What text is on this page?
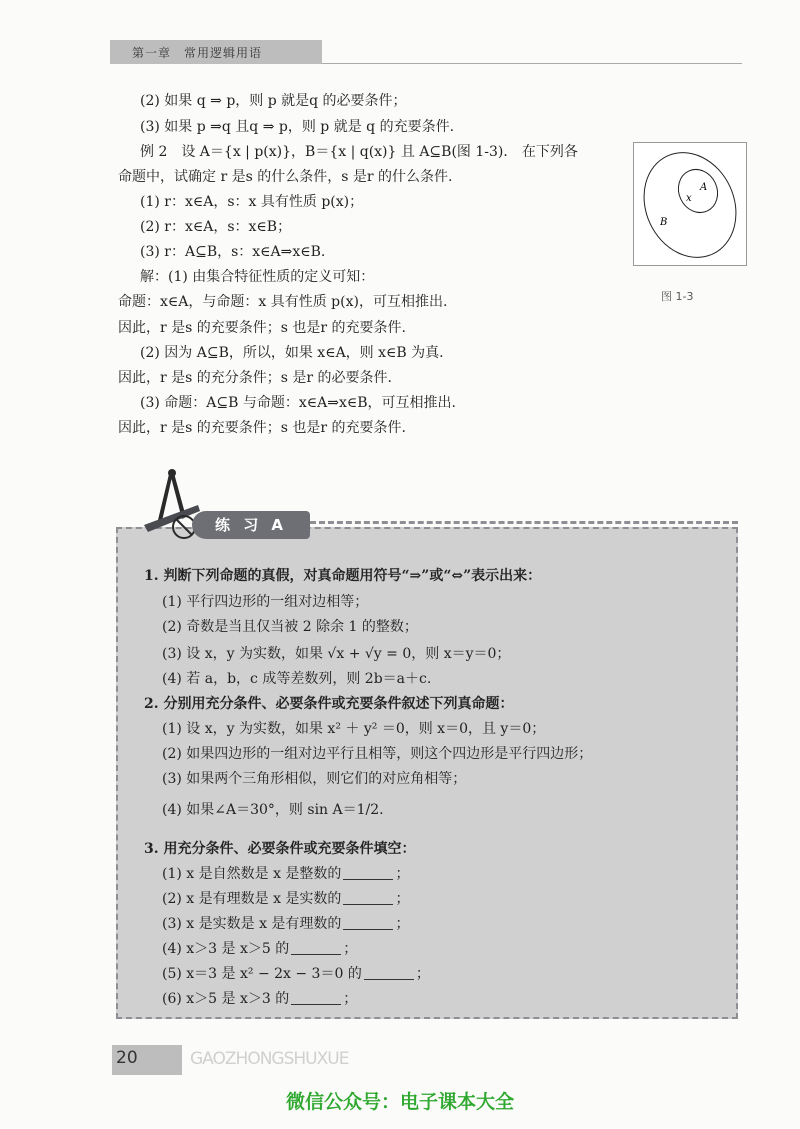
第一章　常用逻辑用语
(2) 如果 q ⇒ p，则 p 就是q 的必要条件；
(3) 如果 p ⇒q 且q ⇒ p，则 p 就是 q 的充要条件.
例 2　设 A＝{x | p(x)}，B＝{x | q(x)} 且 A⊆B(图 1-3)． 在下列各
命题中，试确定 r 是s 的什么条件，s 是r 的什么条件.
(1) r：x∈A，s：x 具有性质 p(x)；
(2) r：x∈A，s：x∈B；
(3) r：A⊆B，s：x∈A⇒x∈B.
解：(1) 由集合特征性质的定义可知：
命题：x∈A，与命题：x 具有性质 p(x)，可互相推出.
因此，r 是s 的充要条件；s 也是r 的充要条件.
(2) 因为 A⊆B，所以，如果 x∈A，则 x∈B 为真.
因此，r 是s 的充分条件；s 是r 的必要条件.
(3) 命题：A⊆B 与命题：x∈A⇒x∈B，可互相推出.
因此，r 是s 的充要条件；s 也是r 的充要条件.
A
x
B
图 1-3
练 习 A
1. 判断下列命题的真假，对真命题用符号“⇒”或“⇔”表示出来：
(1) 平行四边形的一组对边相等；
(2) 奇数是当且仅当被 2 除余 1 的整数；
(3) 设 x，y 为实数，如果 √x + √y = 0，则 x＝y＝0；
(4) 若 a，b，c 成等差数列，则 2b＝a＋c.
2. 分别用充分条件、必要条件或充要条件叙述下列真命题：
(1) 设 x，y 为实数，如果 x² ＋ y² ＝0，则 x＝0，且 y＝0；
(2) 如果四边形的一组对边平行且相等，则这个四边形是平行四边形；
(3) 如果两个三角形相似，则它们的对应角相等；
(4) 如果∠A＝30°，则 sin A＝1/2.
3. 用充分条件、必要条件或充要条件填空：
(1) x 是自然数是 x 是整数的	；
(2) x 是有理数是 x 是实数的	；
(3) x 是实数是 x 是有理数的	；
(4) x＞3 是 x＞5 的	；
(5) x＝3 是 x² − 2x − 3＝0 的	；
(6) x＞5 是 x＞3 的	；
20	GAOZHONGSHUXUE
微信公众号：电子课本大全
